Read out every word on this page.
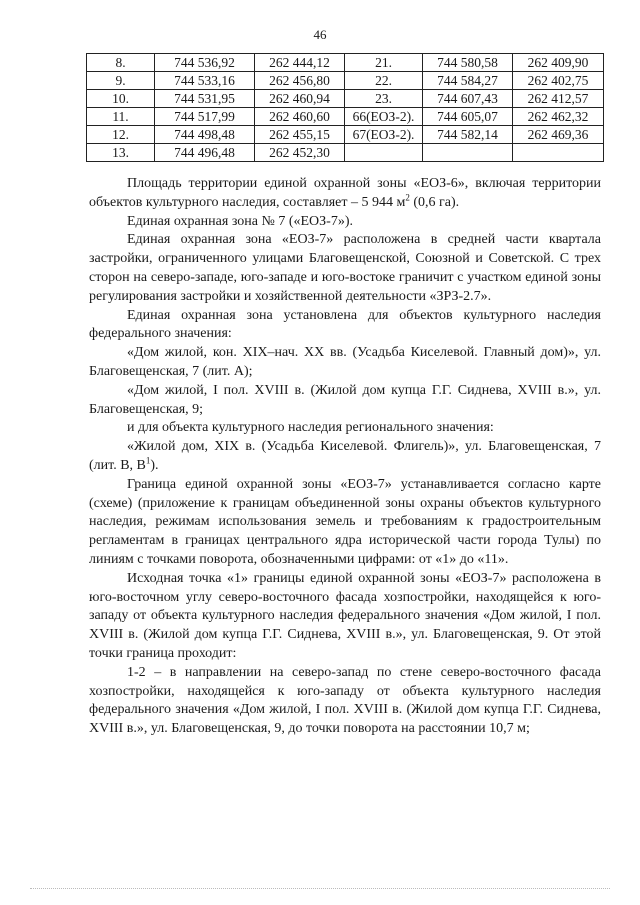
46
8.	744 536,92	262 444,12	21.	744 580,58	262 409,90
9.	744 533,16	262 456,80	22.	744 584,27	262 402,75
10.	744 531,95	262 460,94	23.	744 607,43	262 412,57
11.	744 517,99	262 460,60	66(ЕОЗ-2).	744 605,07	262 462,32
12.	744 498,48	262 455,15	67(ЕОЗ-2).	744 582,14	262 469,36
13.	744 496,48	262 452,30			

Площадь территории единой охранной зоны «ЕОЗ-6», включая территории объектов культурного наследия, составляет – 5 944 $м^2$ (0,6 га).

Единая охранная зона № 7 («ЕОЗ-7»).

Единая охранная зона «ЕОЗ-7» расположена в средней части квартала застройки, ограниченного улицами Благовещенской, Союзной и Советской. С трех сторон на северо-западе, юго-западе и юго-востоке граничит с участком единой зоны регулирования застройки и хозяйственной деятельности «ЗРЗ-2.7».

Единая охранная зона установлена для объектов культурного наследия федерального значения:

«Дом жилой, кон. XIX–нач. XX вв. (Усадьба Киселевой. Главный дом)», ул. Благовещенская, 7 (лит. А);

«Дом жилой, I пол. XVIII в. (Жилой дом купца Г.Г. Сиднева, XVIII в.», ул. Благовещенская, 9;

и для объекта культурного наследия регионального значения:

«Жилой дом, XIX в. (Усадьба Киселевой. Флигель)», ул. Благовещенская, 7 (лит. В, $В^1$).

Граница единой охранной зоны «ЕОЗ-7» устанавливается согласно карте (схеме) (приложение к границам объединенной зоны охраны объектов культурного наследия, режимам использования земель и требованиям к градостроительным регламентам в границах центрального ядра исторической части города Тулы) по линиям с точками поворота, обозначенными цифрами: от «1» до «11».

Исходная точка «1» границы единой охранной зоны «ЕОЗ-7» расположена в юго-восточном углу северо-восточного фасада хозпостройки, находящейся к юго-западу от объекта культурного наследия федерального значения «Дом жилой, I пол. XVIII в. (Жилой дом купца Г.Г. Сиднева, XVIII в.», ул. Благовещенская, 9. От этой точки граница проходит:

1-2 – в направлении на северо-запад по стене северо-восточного фасада хозпостройки, находящейся к юго-западу от объекта культурного наследия федерального значения «Дом жилой, I пол. XVIII в. (Жилой дом купца Г.Г. Сиднева, XVIII в.», ул. Благовещенская, 9, до точки поворота на расстоянии 10,7 м;
